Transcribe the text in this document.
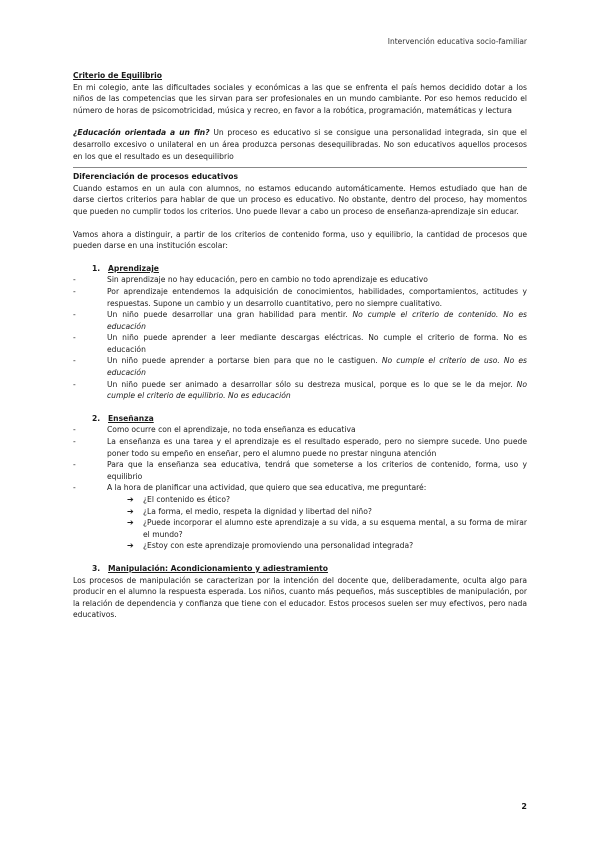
Intervención educativa socio-familiar
Criterio de Equilibrio

En mi colegio, ante las dificultades sociales y económicas a las que se enfrenta el país hemos decidido dotar a los niños de las competencias que les sirvan para ser profesionales en un mundo cambiante. Por eso hemos reducido el número de horas de psicomotricidad, música y recreo, en favor a la robótica, programación, matemáticas y lectura

¿Educación orientada a un fin? Un proceso es educativo si se consigue una personalidad integrada, sin que el desarrollo excesivo o unilateral en un área produzca personas desequilibradas. No son educativos aquellos procesos en los que el resultado es un desequilibrio

Diferenciación de procesos educativos

Cuando estamos en un aula con alumnos, no estamos educando automáticamente. Hemos estudiado que han de darse ciertos criterios para hablar de que un proceso es educativo. No obstante, dentro del proceso, hay momentos que pueden no cumplir todos los criterios. Uno puede llevar a cabo un proceso de enseñanza-aprendizaje sin educar.

Vamos ahora a distinguir, a partir de los criterios de contenido forma, uso y equilibrio, la cantidad de procesos que pueden darse en una institución escolar:

1. Aprendizaje
-	Sin aprendizaje no hay educación, pero en cambio no todo aprendizaje es educativo
-	Por aprendizaje entendemos la adquisición de conocimientos, habilidades, comportamientos, actitudes y respuestas. Supone un cambio y un desarrollo cuantitativo, pero no siempre cualitativo.
-	Un niño puede desarrollar una gran habilidad para mentir. No cumple el criterio de contenido. No es educación
-	Un niño puede aprender a leer mediante descargas eléctricas. No cumple el criterio de forma. No es educación
-	Un niño puede aprender a portarse bien para que no le castiguen. No cumple el criterio de uso. No es educación
-	Un niño puede ser animado a desarrollar sólo su destreza musical, porque es lo que se le da mejor. No cumple el criterio de equilibrio. No es educación
2. Enseñanza
-	Como ocurre con el aprendizaje, no toda enseñanza es educativa
-	La enseñanza es una tarea y el aprendizaje es el resultado esperado, pero no siempre sucede. Uno puede poner todo su empeño en enseñar, pero el alumno puede no prestar ninguna atención
-	Para que la enseñanza sea educativa, tendrá que someterse a los criterios de contenido, forma, uso y equilibrio
-	A la hora de planificar una actividad, que quiero que sea educativa, me preguntaré:
➔ ¿El contenido es ético?
➔ ¿La forma, el medio, respeta la dignidad y libertad del niño?
➔ ¿Puede incorporar el alumno este aprendizaje a su vida, a su esquema mental, a su forma de mirar el mundo?
➔ ¿Estoy con este aprendizaje promoviendo una personalidad integrada?
3. Manipulación: Acondicionamiento y adiestramiento

Los procesos de manipulación se caracterizan por la intención del docente que, deliberadamente, oculta algo para producir en el alumno la respuesta esperada. Los niños, cuanto más pequeños, más susceptibles de manipulación, por la relación de dependencia y confianza que tiene con el educador. Estos procesos suelen ser muy efectivos, pero nada educativos.

2
